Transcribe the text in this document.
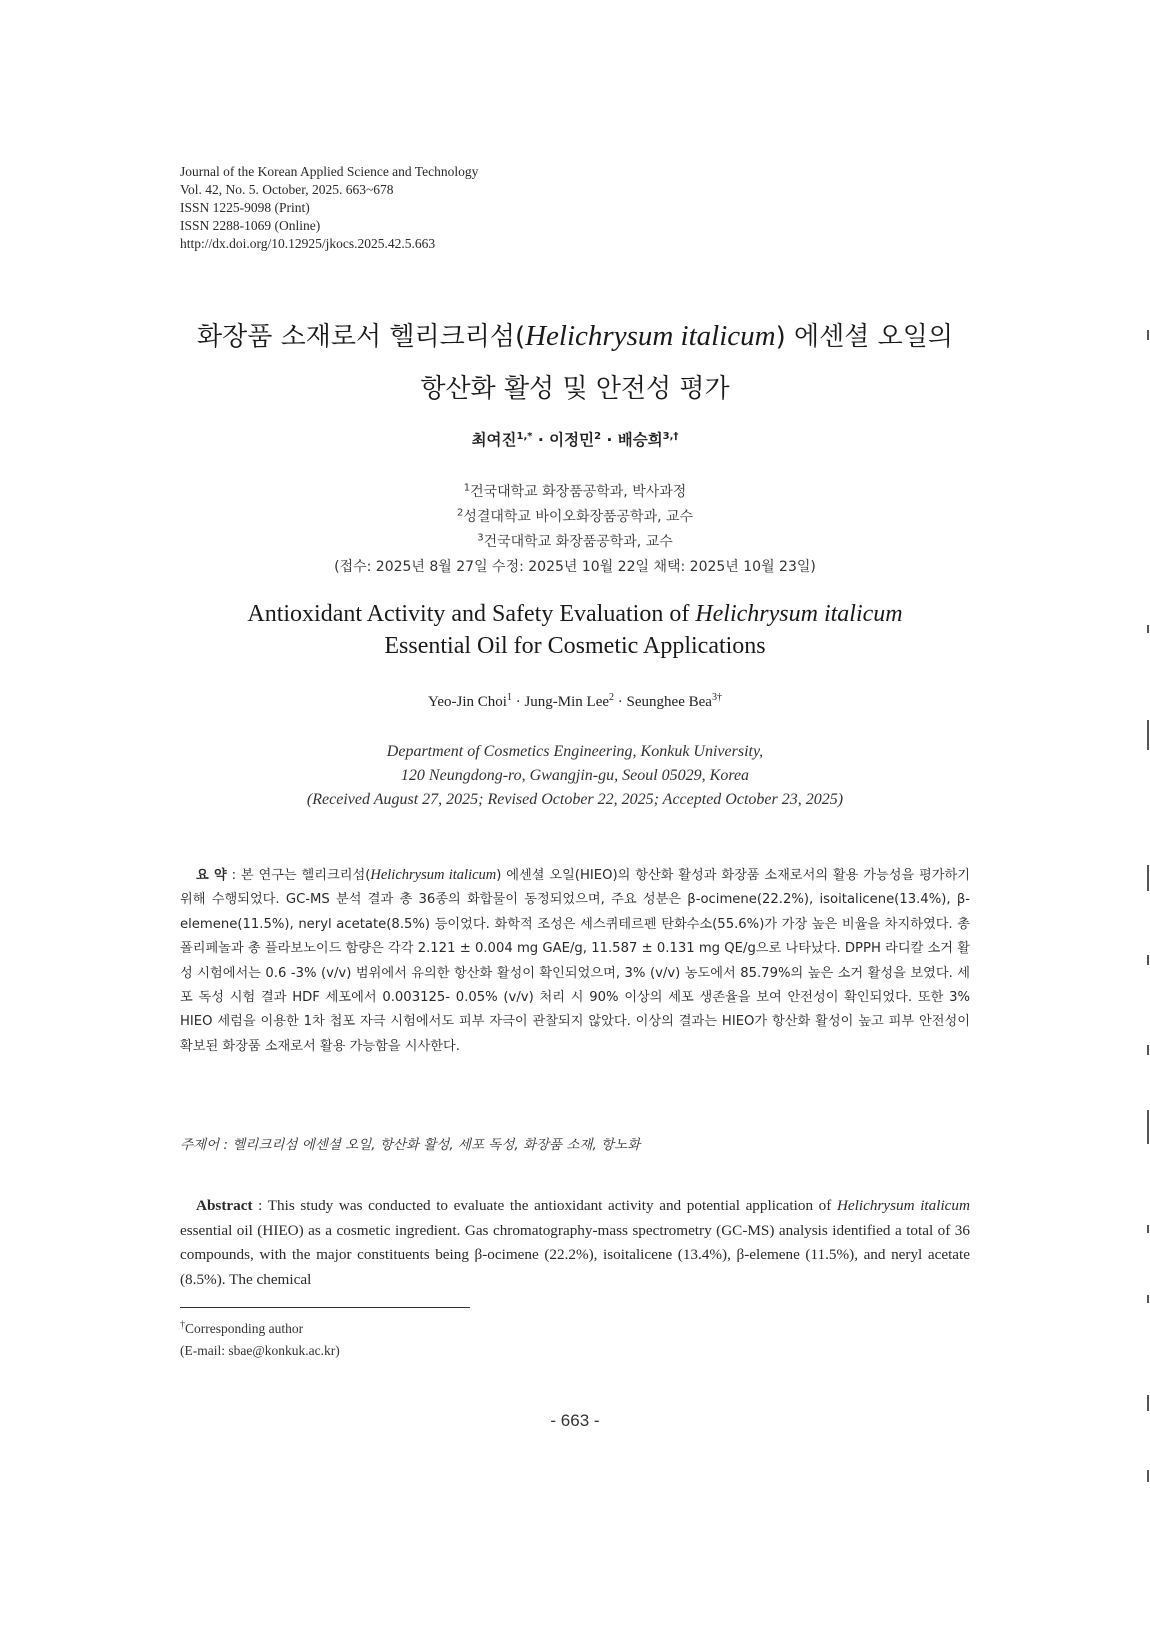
Journal of the Korean Applied Science and Technology
Vol. 42, No. 5. October, 2025. 663~678
ISSN 1225-9098 (Print)
ISSN 2288-1069 (Online)
http://dx.doi.org/10.12925/jkocs.2025.42.5.663
화장품 소재로서 헬리크리섬(Helichrysum italicum) 에센셜 오일의
항산화 활성 및 안전성 평가
최여진$^{1,*}$ · 이정민$^2$ · 배승희$^{3,\dagger}$
$^1$건국대학교 화장품공학과, 박사과정
$^2$성결대학교 바이오화장품공학과, 교수
$^3$건국대학교 화장품공학과, 교수
(접수: 2025년 8월 27일 수정: 2025년 10월 22일 채택: 2025년 10월 23일)
Antioxidant Activity and Safety Evaluation of Helichrysum italicum
Essential Oil for Cosmetic Applications
Yeo-Jin Choi$^1$ · Jung-Min Lee$^2$ · Seunghee Bea$^{3\dagger}$
Department of Cosmetics Engineering, Konkuk University,
120 Neungdong-ro, Gwangjin-gu, Seoul 05029, Korea
(Received August 27, 2025; Revised October 22, 2025; Accepted October 23, 2025)
요 약 : 본 연구는 헬리크리섬(Helichrysum italicum) 에센셜 오일(HIEO)의 항산화 활성과 화장품 소재로서의 활용 가능성을 평가하기 위해 수행되었다. GC-MS 분석 결과 총 36종의 화합물이 동정되었으며, 주요 성분은 β-ocimene(22.2%), isoitalicene(13.4%), β-elemene(11.5%), neryl acetate(8.5%) 등이었다. 화학적 조성은 세스퀴테르펜 탄화수소(55.6%)가 가장 높은 비율을 차지하였다. 총 폴리페놀과 총 플라보노이드 함량은 각각 2.121 ± 0.004 mg GAE/g, 11.587 ± 0.131 mg QE/g으로 나타났다. DPPH 라디칼 소거 활성 시험에서는 0.6 -3% (v/v) 범위에서 유의한 항산화 활성이 확인되었으며, 3% (v/v) 농도에서 85.79%의 높은 소거 활성을 보였다. 세포 독성 시험 결과 HDF 세포에서 0.003125- 0.05% (v/v) 처리 시 90% 이상의 세포 생존율을 보여 안전성이 확인되었다. 또한 3% HIEO 세럼을 이용한 1차 첩포 자극 시험에서도 피부 자극이 관찰되지 않았다. 이상의 결과는 HIEO가 항산화 활성이 높고 피부 안전성이 확보된 화장품 소재로서 활용 가능함을 시사한다.
주제어 : 헬리크리섬 에센셜 오일, 항산화 활성, 세포 독성, 화장품 소재, 항노화
Abstract : This study was conducted to evaluate the antioxidant activity and potential application of Helichrysum italicum essential oil (HIEO) as a cosmetic ingredient. Gas chromatography-mass spectrometry (GC-MS) analysis identified a total of 36 compounds, with the major constituents being β-ocimene (22.2%), isoitalicene (13.4%), β-elemene (11.5%), and neryl acetate (8.5%). The chemical
†Corresponding author
(E-mail: sbae@konkuk.ac.kr)
- 663 -
